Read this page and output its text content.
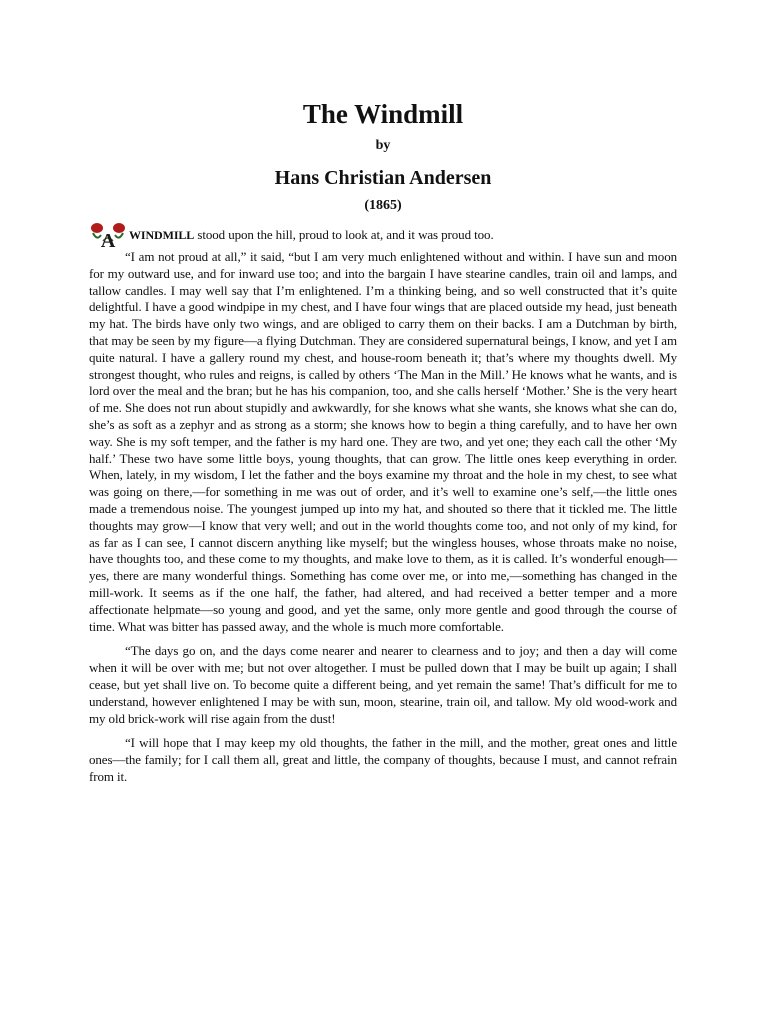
The Windmill
by
Hans Christian Andersen
(1865)

A WINDMILL stood upon the hill, proud to look at, and it was proud too.

“I am not proud at all,” it said, “but I am very much enlightened without and within. I have sun and moon for my outward use, and for inward use too; and into the bargain I have stearine candles, train oil and lamps, and tallow candles. I may well say that I’m enlightened. I’m a thinking being, and so well constructed that it’s quite delightful. I have a good windpipe in my chest, and I have four wings that are placed outside my head, just beneath my hat. The birds have only two wings, and are obliged to carry them on their backs. I am a Dutchman by birth, that may be seen by my figure—a flying Dutchman. They are considered supernatural beings, I know, and yet I am quite natural. I have a gallery round my chest, and house-room beneath it; that’s where my thoughts dwell. My strongest thought, who rules and reigns, is called by others ‘The Man in the Mill.’ He knows what he wants, and is lord over the meal and the bran; but he has his companion, too, and she calls herself ‘Mother.’ She is the very heart of me. She does not run about stupidly and awkwardly, for she knows what she wants, she knows what she can do, she’s as soft as a zephyr and as strong as a storm; she knows how to begin a thing carefully, and to have her own way. She is my soft temper, and the father is my hard one. They are two, and yet one; they each call the other ‘My half.’ These two have some little boys, young thoughts, that can grow. The little ones keep everything in order. When, lately, in my wisdom, I let the father and the boys examine my throat and the hole in my chest, to see what was going on there,—for something in me was out of order, and it’s well to examine one’s self,—the little ones made a tremendous noise. The youngest jumped up into my hat, and shouted so there that it tickled me. The little thoughts may grow—I know that very well; and out in the world thoughts come too, and not only of my kind, for as far as I can see, I cannot discern anything like myself; but the wingless houses, whose throats make no noise, have thoughts too, and these come to my thoughts, and make love to them, as it is called. It’s wonderful enough—yes, there are many wonderful things. Something has come over me, or into me,—something has changed in the mill-work. It seems as if the one half, the father, had altered, and had received a better temper and a more affectionate helpmate—so young and good, and yet the same, only more gentle and good through the course of time. What was bitter has passed away, and the whole is much more comfortable.

“The days go on, and the days come nearer and nearer to clearness and to joy; and then a day will come when it will be over with me; but not over altogether. I must be pulled down that I may be built up again; I shall cease, but yet shall live on. To become quite a different being, and yet remain the same! That’s difficult for me to understand, however enlightened I may be with sun, moon, stearine, train oil, and tallow. My old wood-work and my old brick-work will rise again from the dust!

“I will hope that I may keep my old thoughts, the father in the mill, and the mother, great ones and little ones—the family; for I call them all, great and little, the company of thoughts, because I must, and cannot refrain from it.
